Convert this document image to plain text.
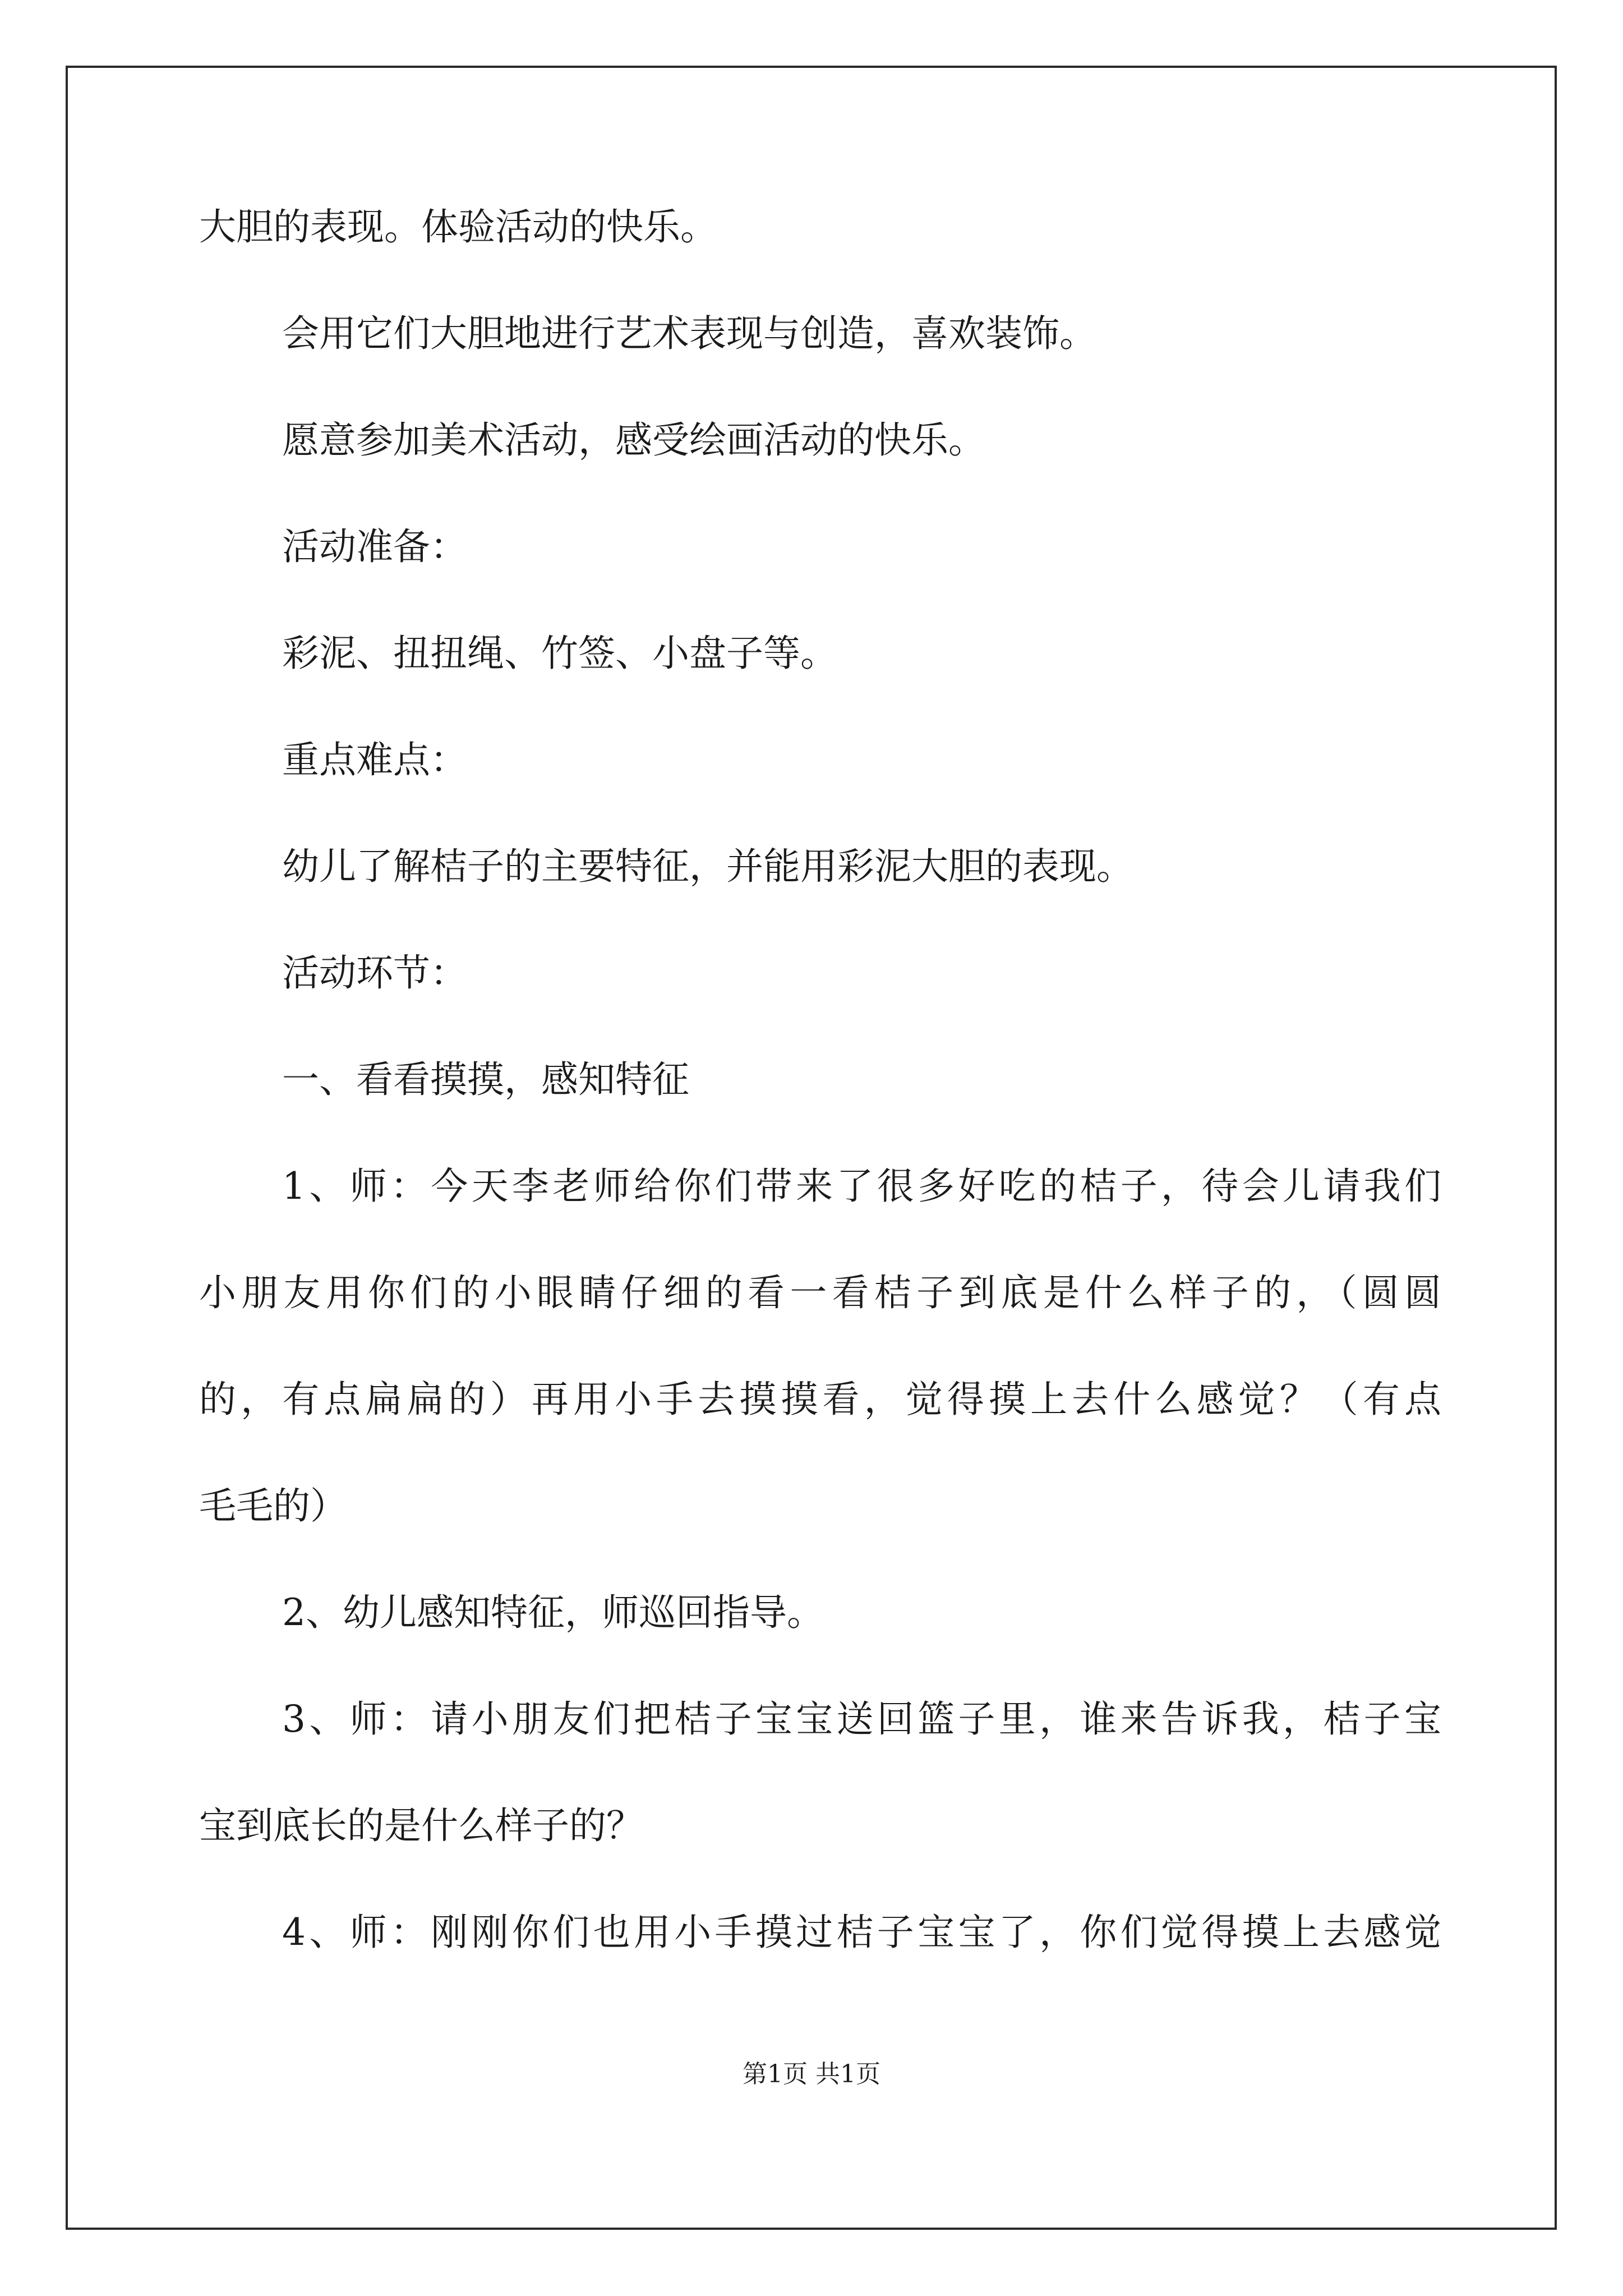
大胆的表现。体验活动的快乐。
会用它们大胆地进行艺术表现与创造，喜欢装饰。
愿意参加美术活动，感受绘画活动的快乐。
活动准备：
彩泥、扭扭绳、竹签、小盘子等。
重点难点：
幼儿了解桔子的主要特征，并能用彩泥大胆的表现。
活动环节：
一、看看摸摸，感知特征
1、师：今天李老师给你们带来了很多好吃的桔子，待会儿请我们
小朋友用你们的小眼睛仔细的看一看桔子到底是什么样子的，（圆圆
的，有点扁扁的）再用小手去摸摸看，觉得摸上去什么感觉？（有点
毛毛的）
2、幼儿感知特征，师巡回指导。
3、师：请小朋友们把桔子宝宝送回篮子里，谁来告诉我，桔子宝
宝到底长的是什么样子的？
4、师：刚刚你们也用小手摸过桔子宝宝了，你们觉得摸上去感觉
第1页 共1页
